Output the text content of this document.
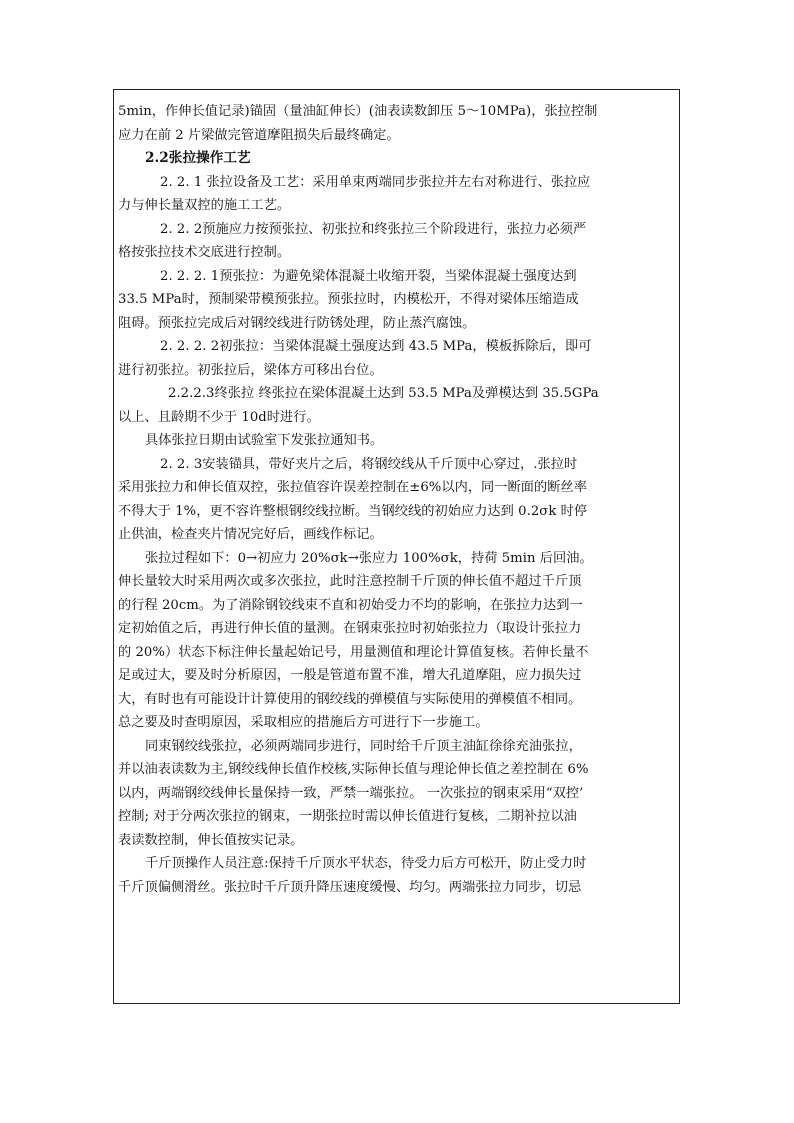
5min，作伸长值记录)锚固（量油缸伸长）(油表读数卸压 5～10MPa)，张拉控制
应力在前 2 片梁做完管道摩阻损失后最终确定。
2.2张拉操作工艺
2. 2. 1 张拉设备及工艺：采用单束两端同步张拉并左右对称进行、张拉应
力与伸长量双控的施工工艺。
2. 2. 2预施应力按预张拉、初张拉和终张拉三个阶段进行，张拉力必须严
格按张拉技术交底进行控制。
2. 2. 2. 1预张拉：为避免梁体混凝土收缩开裂，当梁体混凝土强度达到
33.5 MPa时，预制梁带模预张拉。预张拉时，内模松开，不得对梁体压缩造成
阻碍。预张拉完成后对钢绞线进行防锈处理，防止蒸汽腐蚀。
2. 2. 2. 2初张拉：当梁体混凝土强度达到 43.5 MPa，模板拆除后，即可
进行初张拉。初张拉后，梁体方可移出台位。
2.2.2.3终张拉 终张拉在梁体混凝土达到 53.5 MPa及弹模达到 35.5GPa
以上、且龄期不少于 10d时进行。
具体张拉日期由试验室下发张拉通知书。
2. 2. 3安装锚具，带好夹片之后，将钢绞线从千斤顶中心穿过，.张拉时
采用张拉力和伸长值双控，张拉值容许误差控制在±6%以内，同一断面的断丝率
不得大于 1%，更不容许整根钢绞线拉断。当钢绞线的初始应力达到 0.2σk 时停
止供油，检查夹片情况完好后，画线作标记。
张拉过程如下：0→初应力 20%σk→张应力 100%σk，持荷 5min 后回油。
伸长量较大时采用两次或多次张拉，此时注意控制千斤顶的伸长值不超过千斤顶
的行程 20cm。为了消除钢铰线束不直和初始受力不均的影响，在张拉力达到一
定初始值之后，再进行伸长值的量测。在钢束张拉时初始张拉力（取设计张拉力
的 20%）状态下标注伸长量起始记号，用量测值和理论计算值复核。若伸长量不
足或过大，要及时分析原因，一般是管道布置不准，增大孔道摩阻，应力损失过
大，有时也有可能设计计算使用的钢绞线的弹模值与实际使用的弹模值不相同。
总之要及时查明原因，采取相应的措施后方可进行下一步施工。
同束钢绞线张拉，必须两端同步进行，同时给千斤顶主油缸徐徐充油张拉，
并以油表读数为主,钢绞线伸长值作校核,实际伸长值与理论伸长值之差控制在 6%
以内，两端钢绞线伸长量保持一致，严禁一端张拉。 一次张拉的钢束采用“双控’
控制; 对于分两次张拉的钢束，一期张拉时需以伸长值进行复核，二期补拉以油
表读数控制，伸长值按实记录。
千斤顶操作人员注意:保持千斤顶水平状态，待受力后方可松开，防止受力时
千斤顶偏侧滑丝。张拉时千斤顶升降压速度缓慢、均匀。两端张拉力同步，切忌
